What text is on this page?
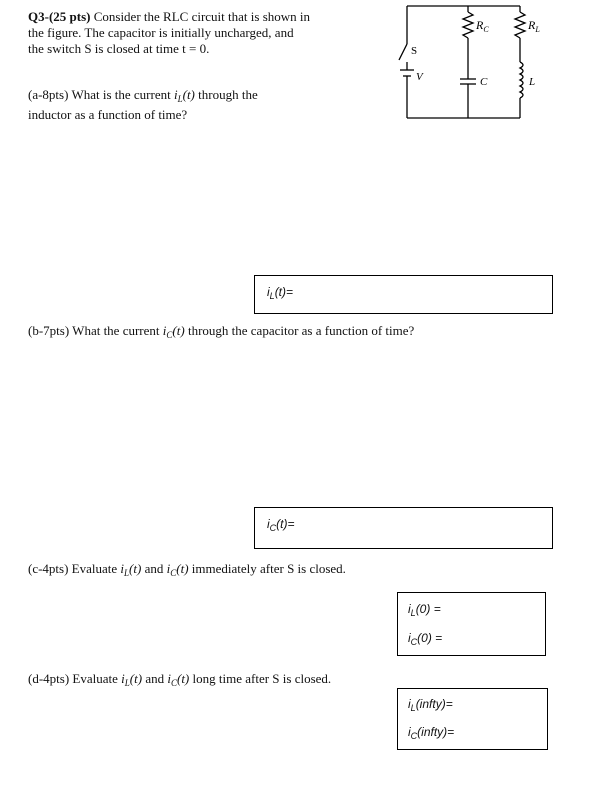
Q3-(25 pts) Consider the RLC circuit that is shown in
the figure. The capacitor is initially uncharged, and
the switch S is closed at time t = 0.	S
V
$R_C$	$R_L$
C	L
(a-8pts) What is the current $i_L(t)$ through the
inductor as a function of time?
$i_L(t)=$
(b-7pts) What the current $i_C(t)$ through the capacitor as a function of time?
$i_C(t)=$
(c-4pts) Evaluate $i_L(t)$ and $i_C(t)$ immediately after S is closed.
$i_L(0)$ =
$i_C(0)$ =
(d-4pts) Evaluate $i_L(t)$ and $i_C(t)$ long time after S is closed.
$i_L(infty)=$
$i_C(infty)=$
